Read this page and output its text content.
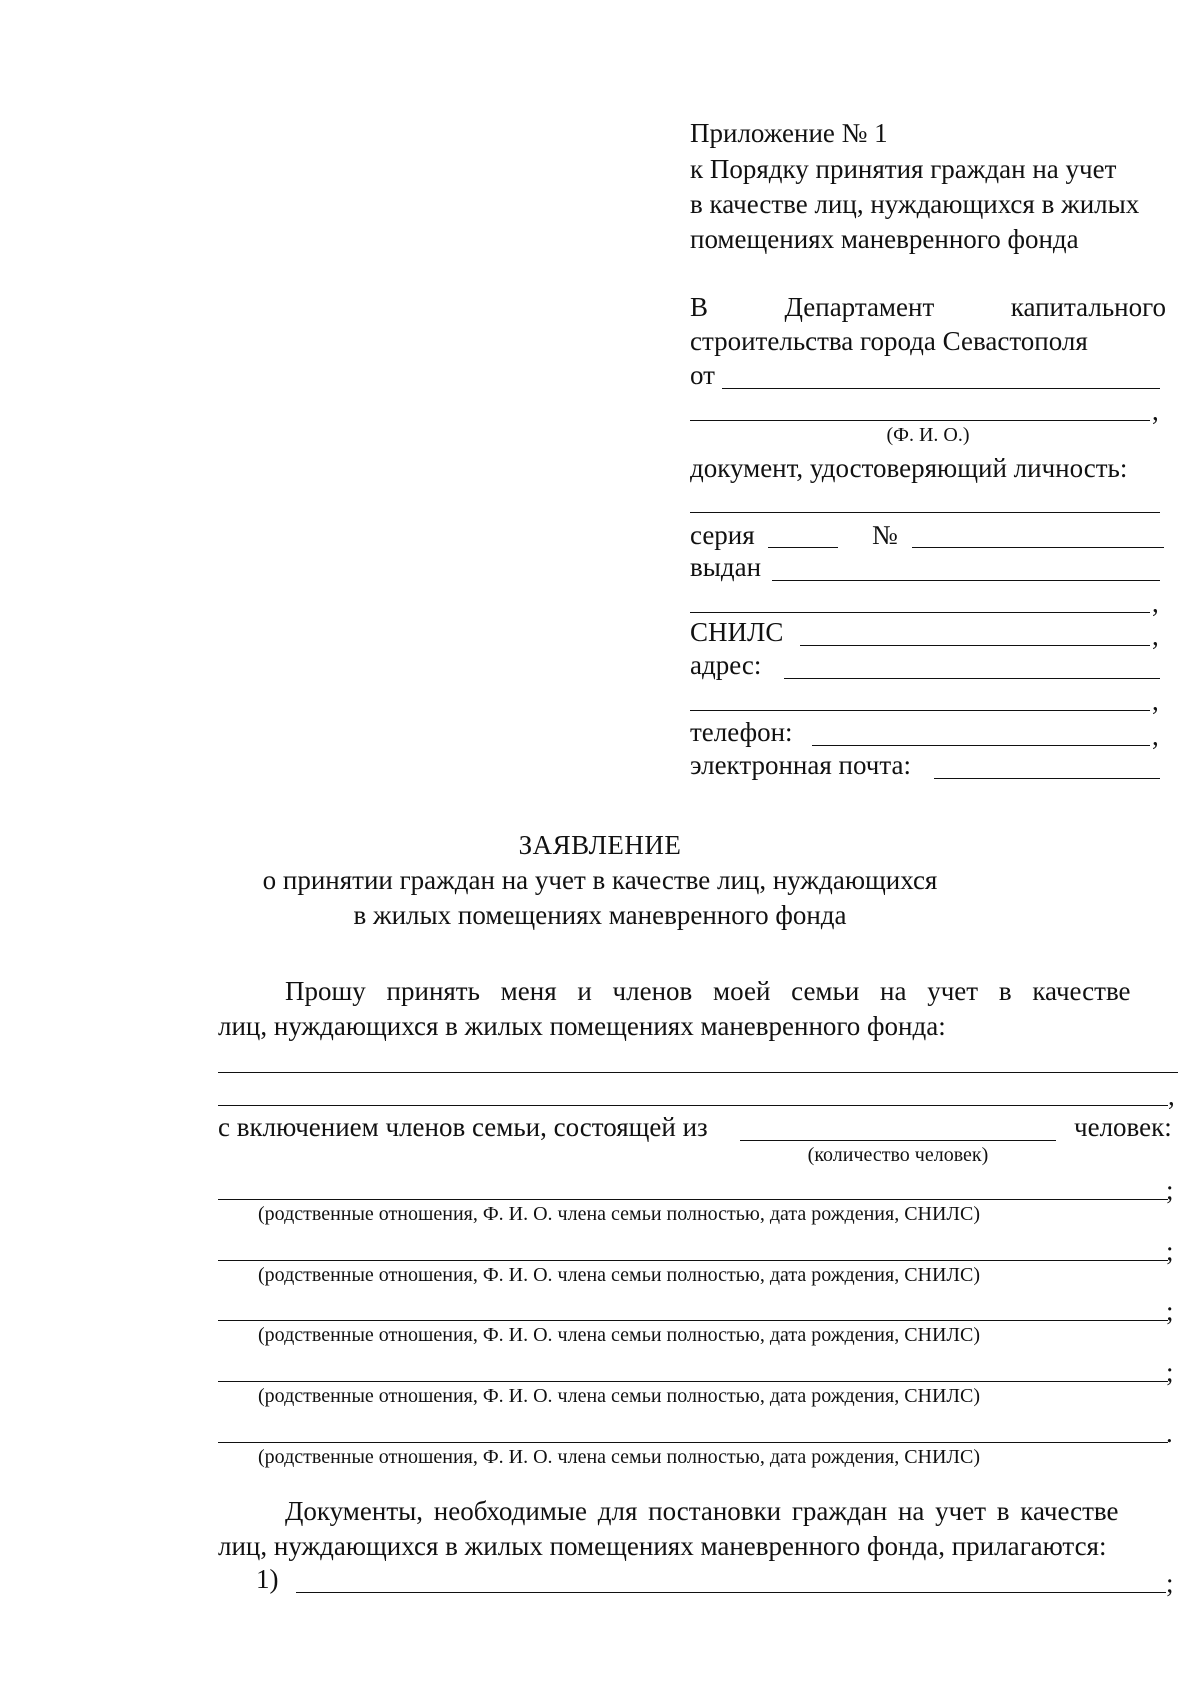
Приложение № 1
к Порядку принятия граждан на учет
в качестве лиц, нуждающихся в жилых
помещениях маневренного фонда
В	Департамент	капитального
строительства города Севастополя
от
,
(Ф. И. О.)
документ, удостоверяющий личность:
серия	№
выдан
,
СНИЛС	,
адрес:
,
телефон:	,
электронная почта:
ЗАЯВЛЕНИЕ
о принятии граждан на учет в качестве лиц, нуждающихся
в жилых помещениях маневренного фонда
Прошу принять меня и членов моей семьи на учет в качестве
лиц, нуждающихся в жилых помещениях маневренного фонда:
,
с включением членов семьи, состоящей из	человек:
(количество человек)
;
(родственные отношения, Ф. И. О. члена семьи полностью, дата рождения, СНИЛС)
;
(родственные отношения, Ф. И. О. члена семьи полностью, дата рождения, СНИЛС)
;
(родственные отношения, Ф. И. О. члена семьи полностью, дата рождения, СНИЛС)
;
(родственные отношения, Ф. И. О. члена семьи полностью, дата рождения, СНИЛС)
.
(родственные отношения, Ф. И. О. члена семьи полностью, дата рождения, СНИЛС)
Документы, необходимые для постановки граждан на учет в качестве
лиц, нуждающихся в жилых помещениях маневренного фонда, прилагаются:
1)	;
